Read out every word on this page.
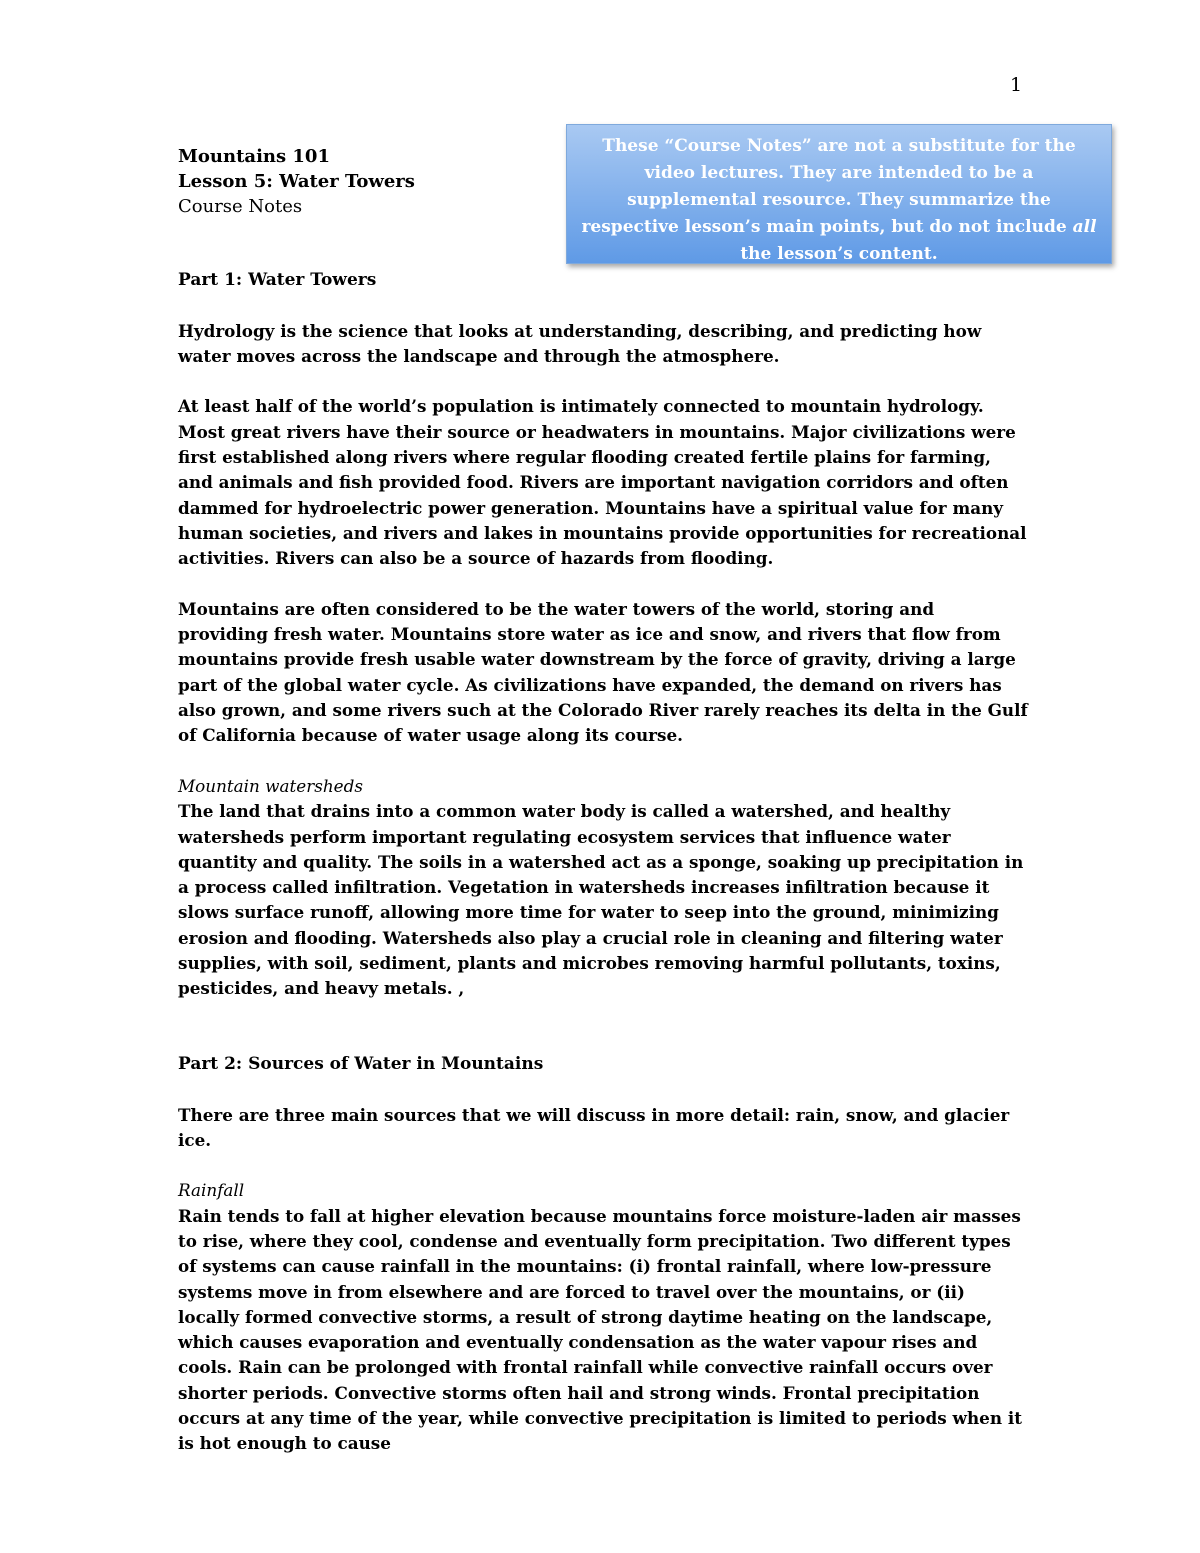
1
Mountains 101
Lesson 5: Water Towers
Course Notes
These “Course Notes” are not a substitute for the video lectures. They are intended to be a supplemental resource. They summarize the respective lesson’s main points, but do not include all the lesson’s content.
Part 1: Water Towers

Hydrology is the science that looks at understanding, describing, and predicting how water moves across the landscape and through the atmosphere.

At least half of the world’s population is intimately connected to mountain hydrology. Most great rivers have their source or headwaters in mountains. Major civilizations were first established along rivers where regular flooding created fertile plains for farming, and animals and fish provided food. Rivers are important navigation corridors and often dammed for hydroelectric power generation. Mountains have a spiritual value for many human societies, and rivers and lakes in mountains provide opportunities for recreational activities. Rivers can also be a source of hazards from flooding.

Mountains are often considered to be the water towers of the world, storing and providing fresh water. Mountains store water as ice and snow, and rivers that flow from mountains provide fresh usable water downstream by the force of gravity, driving a large part of the global water cycle. As civilizations have expanded, the demand on rivers has also grown, and some rivers such at the Colorado River rarely reaches its delta in the Gulf of California because of water usage along its course.

Mountain watersheds

The land that drains into a common water body is called a watershed, and healthy watersheds perform important regulating ecosystem services that influence water quantity and quality. The soils in a watershed act as a sponge, soaking up precipitation in a process called infiltration. Vegetation in watersheds increases infiltration because it slows surface runoff, allowing more time for water to seep into the ground, minimizing erosion and flooding. Watersheds also play a crucial role in cleaning and filtering water supplies, with soil, sediment, plants and microbes removing harmful pollutants, toxins, pesticides, and heavy metals. ,

Part 2: Sources of Water in Mountains

There are three main sources that we will discuss in more detail: rain, snow, and glacier ice.

Rainfall

Rain tends to fall at higher elevation because mountains force moisture-laden air masses to rise, where they cool, condense and eventually form precipitation. Two different types of systems can cause rainfall in the mountains: (i) frontal rainfall, where low-pressure systems move in from elsewhere and are forced to travel over the mountains, or (ii) locally formed convective storms, a result of strong daytime heating on the landscape, which causes evaporation and eventually condensation as the water vapour rises and cools. Rain can be prolonged with frontal rainfall while convective rainfall occurs over shorter periods. Convective storms often hail and strong winds. Frontal precipitation occurs at any time of the year, while convective precipitation is limited to periods when it is hot enough to cause
